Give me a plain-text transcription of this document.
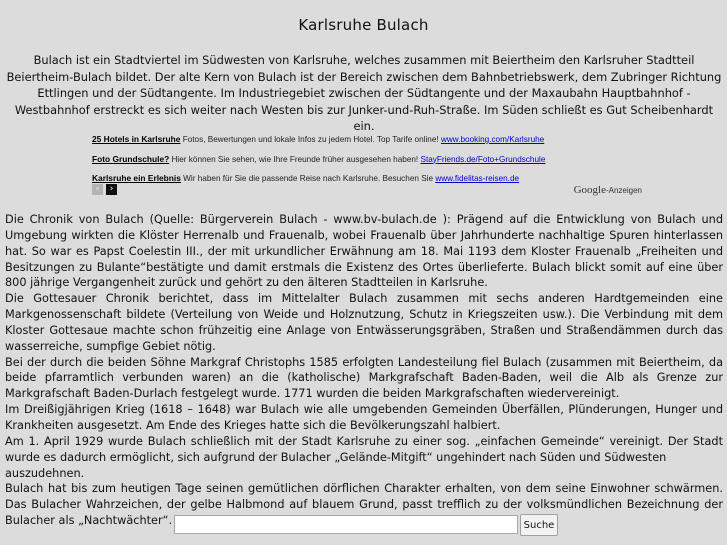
Karlsruhe Bulach
Bulach ist ein Stadtviertel im Südwesten von Karlsruhe, welches zusammen mit Beiertheim den Karlsruher Stadtteil Beiertheim-Bulach bildet. Der alte Kern von Bulach ist der Bereich zwischen dem Bahnbetriebswerk, dem Zubringer Richtung Ettlingen und der Südtangente. Im Industriegebiet zwischen der Südtangente und der Maxaubahn Hauptbahnhof - Westbahnhof erstreckt es sich weiter nach Westen bis zur Junker-und-Ruh-Straße. Im Süden schließt es Gut Scheibenhardt ein.
25 Hotels in Karlsruhe Fotos, Bewertungen und lokale Infos zu jedem Hotel. Top Tarife online! www.booking.com/Karlsruhe
Foto Grundschule? Hier können Sie sehen, wie Ihre Freunde früher ausgesehen haben! StayFriends.de/Foto+Grundschule
Karlsruhe ein Erlebnis Wir haben für Sie die passende Reise nach Karlsruhe. Besuchen Sie www.fidelitas-reisen.de
‹	›	Google-Anzeigen

Die Chronik von Bulach (Quelle: Bürgerverein Bulach - www.bv-bulach.de ): Prägend auf die Entwicklung von Bulach und Umgebung wirkten die Klöster Herrenalb und Frauenalb, wobei Frauenalb über Jahrhunderte nachhaltige Spuren hinterlassen hat. So war es Papst Coelestin III., der mit urkundlicher Erwähnung am 18. Mai 1193 dem Kloster Frauenalb „Freiheiten und Besitzungen zu Bulante“bestätigte und damit erstmals die Existenz des Ortes überlieferte. Bulach blickt somit auf eine über 800 jährige Vergangenheit zurück und gehört zu den älteren Stadtteilen in Karlsruhe.

Die Gottesauer Chronik berichtet, dass im Mittelalter Bulach zusammen mit sechs anderen Hardtgemeinden eine Markgenossenschaft bildete (Verteilung von Weide und Holznutzung, Schutz in Kriegszeiten usw.). Die Verbindung mit dem Kloster Gottesaue machte schon frühzeitig eine Anlage von Entwässerungsgräben, Straßen und Straßendämmen durch das wasserreiche, sumpfige Gebiet nötig.

Bei der durch die beiden Söhne Markgraf Christophs 1585 erfolgten Landesteilung fiel Bulach (zusammen mit Beiertheim, da beide pfarramtlich verbunden waren) an die (katholische) Markgrafschaft Baden-Baden, weil die Alb als Grenze zur Markgrafschaft Baden-Durlach festgelegt wurde. 1771 wurden die beiden Markgrafschaften wiedervereinigt.

Im Dreißigjährigen Krieg (1618 – 1648) war Bulach wie alle umgebenden Gemeinden Überfällen, Plünderungen, Hunger und Krankheiten ausgesetzt. Am Ende des Krieges hatte sich die Bevölkerungszahl halbiert.

Am 1. April 1929 wurde Bulach schließlich mit der Stadt Karlsruhe zu einer sog. „einfachen Gemeinde“ vereinigt. Der Stadt wurde es dadurch ermöglicht, sich aufgrund der Bulacher „Gelände-Mitgift“ ungehindert nach Süden und Südwesten

auszudehnen.

Bulach hat bis zum heutigen Tage seinen gemütlichen dörflichen Charakter erhalten, von dem seine Einwohner schwärmen. Das Bulacher Wahrzeichen, der gelbe Halbmond auf blauem Grund, passt trefflich zu der volksmündlichen Bezeichnung der Bulacher als „Nachtwächter“.	Suche
